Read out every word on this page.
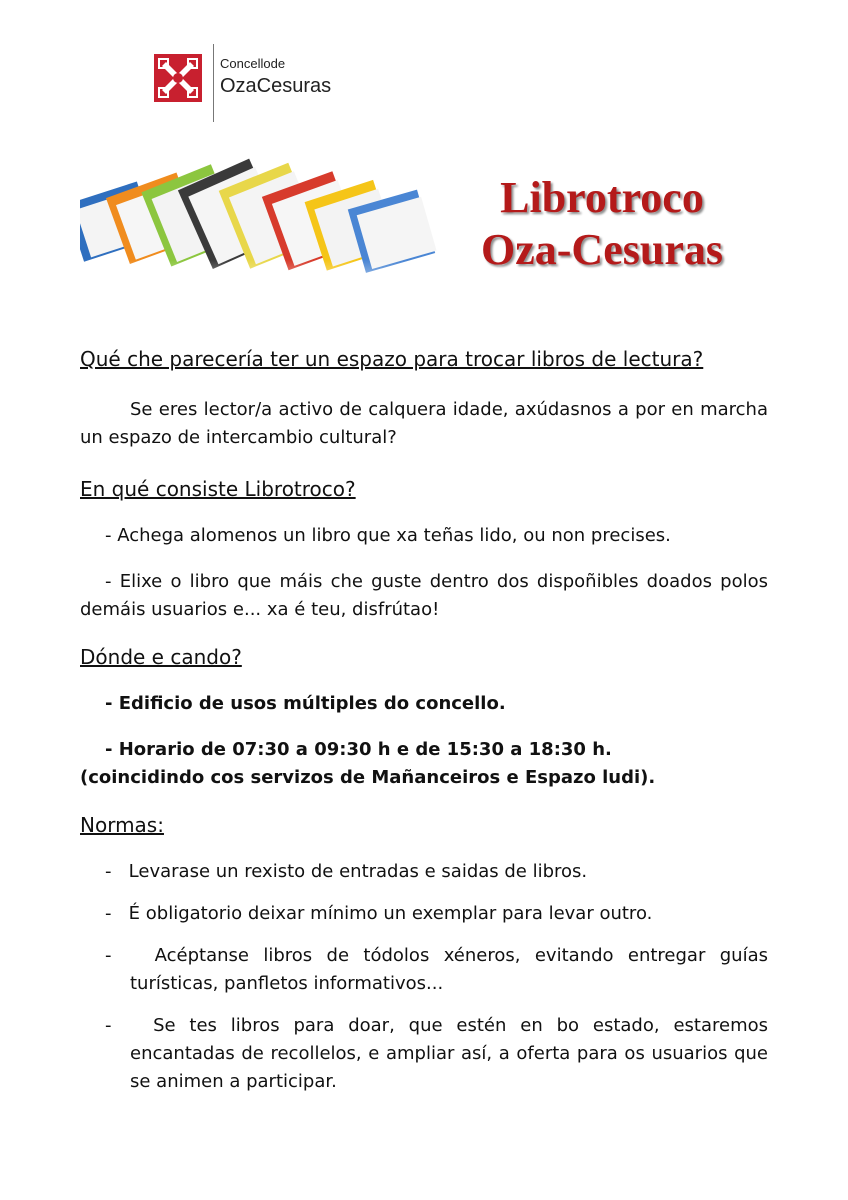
Concellode
OzaCesuras
Librotroco
Oza-Cesuras

Qué che parecería ter un espazo para trocar libros de lectura?

Se eres lector/a activo de calquera idade, axúdasnos a por en marcha un espazo de intercambio cultural?

En qué consiste Librotroco?

- Achega alomenos un libro que xa teñas lido, ou non precises.

- Elixe o libro que máis che guste dentro dos dispoñibles doados polos demáis usuarios e... xa é teu, disfrútao!

Dónde e cando?

- Edificio de usos múltiples do concello.

- Horario de 07:30 a 09:30 h e de 15:30 a 18:30 h.

(coincidindo cos servizos de Mañanceiros e Espazo ludi).

Normas:

-   Levarase un rexisto de entradas e saidas de libros.

-   É obligatorio deixar mínimo un exemplar para levar outro.

-   Acéptanse libros de tódolos xéneros, evitando entregar guías turísticas, panfletos informativos...

-   Se tes libros para doar, que estén en bo estado, estaremos encantadas de recollelos, e ampliar así, a oferta para os usuarios que se animen a participar.
